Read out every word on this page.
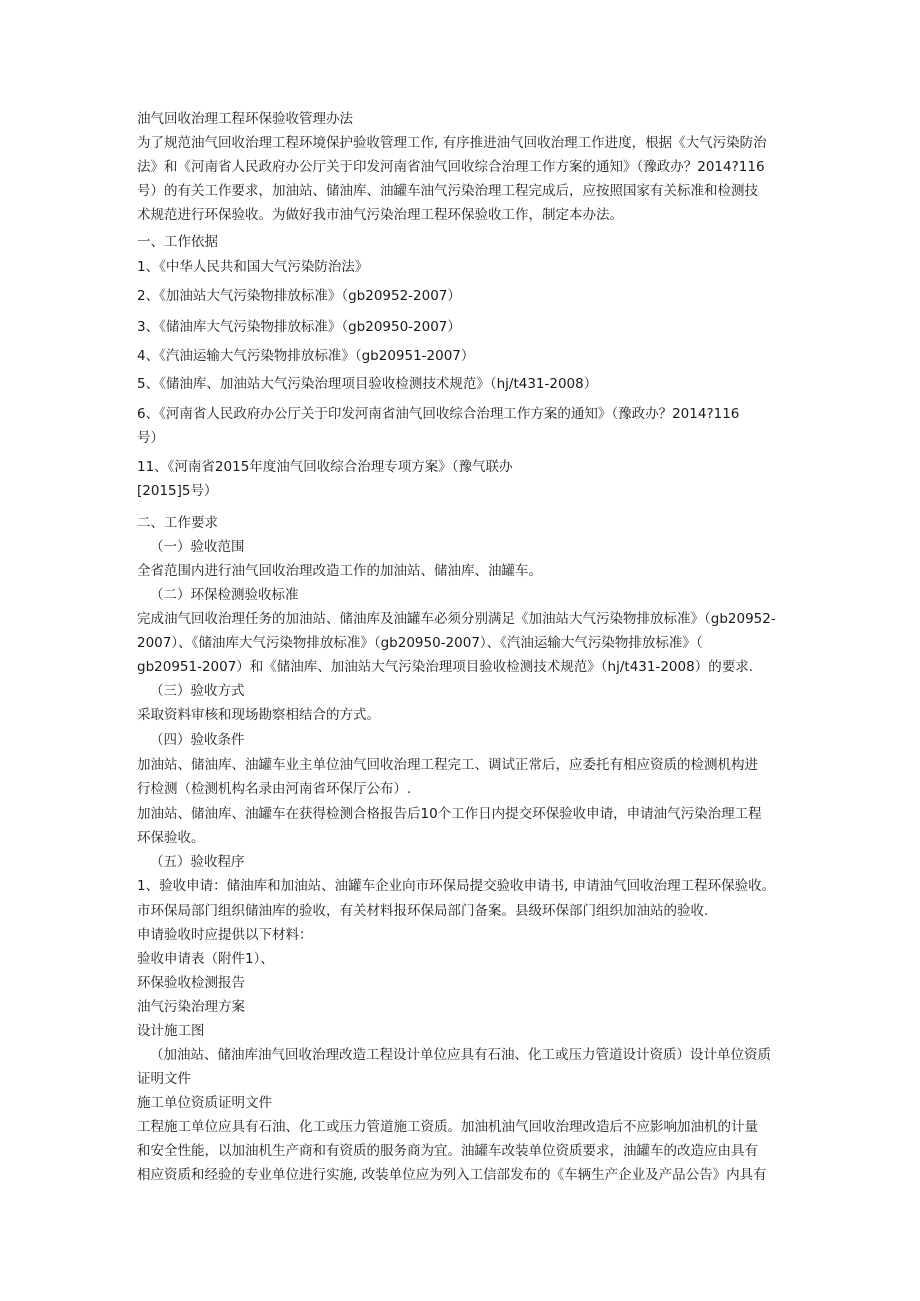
油气回收治理工程环保验收管理办法
为了规范油气回收治理工程环境保护验收管理工作, 有序推进油气回收治理工作进度，根据《大气污染防治
法》和《河南省人民政府办公厅关于印发河南省油气回收综合治理工作方案的通知》（豫政办？2014?116
号）的有关工作要求，加油站、储油库、油罐车油气污染治理工程完成后，应按照国家有关标准和检测技
术规范进行环保验收。为做好我市油气污染治理工程环保验收工作，制定本办法。
一、工作依据
1、《中华人民共和国大气污染防治法》
2、《加油站大气污染物排放标准》（gb20952-2007）
3、《储油库大气污染物排放标准》（gb20950-2007）
4、《汽油运输大气污染物排放标准》（gb20951-2007）
5、《储油库、加油站大气污染治理项目验收检测技术规范》（hj/t431-2008）
6、《河南省人民政府办公厅关于印发河南省油气回收综合治理工作方案的通知》（豫政办？2014?116
号）
11、《河南省2015年度油气回收综合治理专项方案》（豫气联办
[2015]5号）
二、工作要求
（一）验收范围
全省范围内进行油气回收治理改造工作的加油站、储油库、油罐车。
（二）环保检测验收标准
完成油气回收治理任务的加油站、储油库及油罐车必须分别满足《加油站大气污染物排放标准》（gb20952-
2007）、《储油库大气污染物排放标准》（gb20950-2007）、《汽油运输大气污染物排放标准》（
gb20951-2007）和《储油库、加油站大气污染治理项目验收检测技术规范》（hj/t431-2008）的要求.
（三）验收方式
采取资料审核和现场勘察相结合的方式。
（四）验收条件
加油站、储油库、油罐车业主单位油气回收治理工程完工、调试正常后，应委托有相应资质的检测机构进
行检测（检测机构名录由河南省环保厅公布）.
加油站、储油库、油罐车在获得检测合格报告后10个工作日内提交环保验收申请，申请油气污染治理工程
环保验收。
（五）验收程序
1、验收申请：储油库和加油站、油罐车企业向市环保局提交验收申请书, 申请油气回收治理工程环保验收。
市环保局部门组织储油库的验收，有关材料报环保局部门备案。县级环保部门组织加油站的验收.
申请验收时应提供以下材料：
验收申请表（附件1）、
环保验收检测报告
油气污染治理方案
设计施工图
（加油站、储油库油气回收治理改造工程设计单位应具有石油、化工或压力管道设计资质）设计单位资质
证明文件
施工单位资质证明文件
工程施工单位应具有石油、化工或压力管道施工资质。加油机油气回收治理改造后不应影响加油机的计量
和安全性能，以加油机生产商和有资质的服务商为宜。油罐车改装单位资质要求，油罐车的改造应由具有
相应资质和经验的专业单位进行实施, 改装单位应为列入工信部发布的《车辆生产企业及产品公告》内具有
